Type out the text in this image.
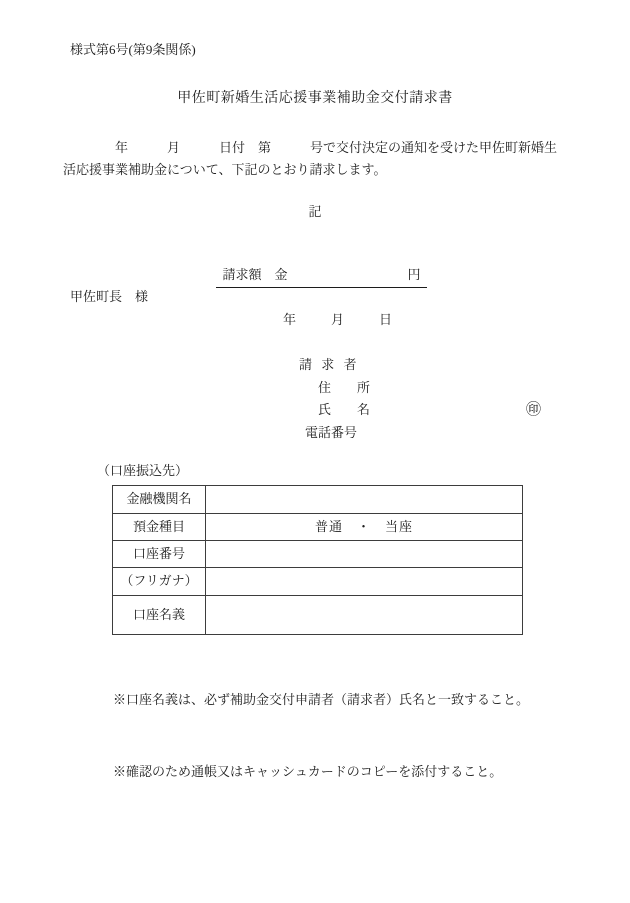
様式第6号(第9条関係)
甲佐町新婚生活応援事業補助金交付請求書
年　　　月　　　日付　第　　　号で交付決定の通知を受けた甲佐町新婚生
活応援事業補助金について、下記のとおり請求します。
記

請求額　金	円

甲佐町長　様
年　　月　　日
請 求 者
住　　所
氏　　名	㊞
電話番号
（口座振込先）
金融機関名	
預金種目	普通　・　当座
口座番号	
（フリガナ）	
口座名義	

※口座名義は、必ず補助金交付申請者（請求者）氏名と一致すること。

※確認のため通帳又はキャッシュカードのコピーを添付すること。
